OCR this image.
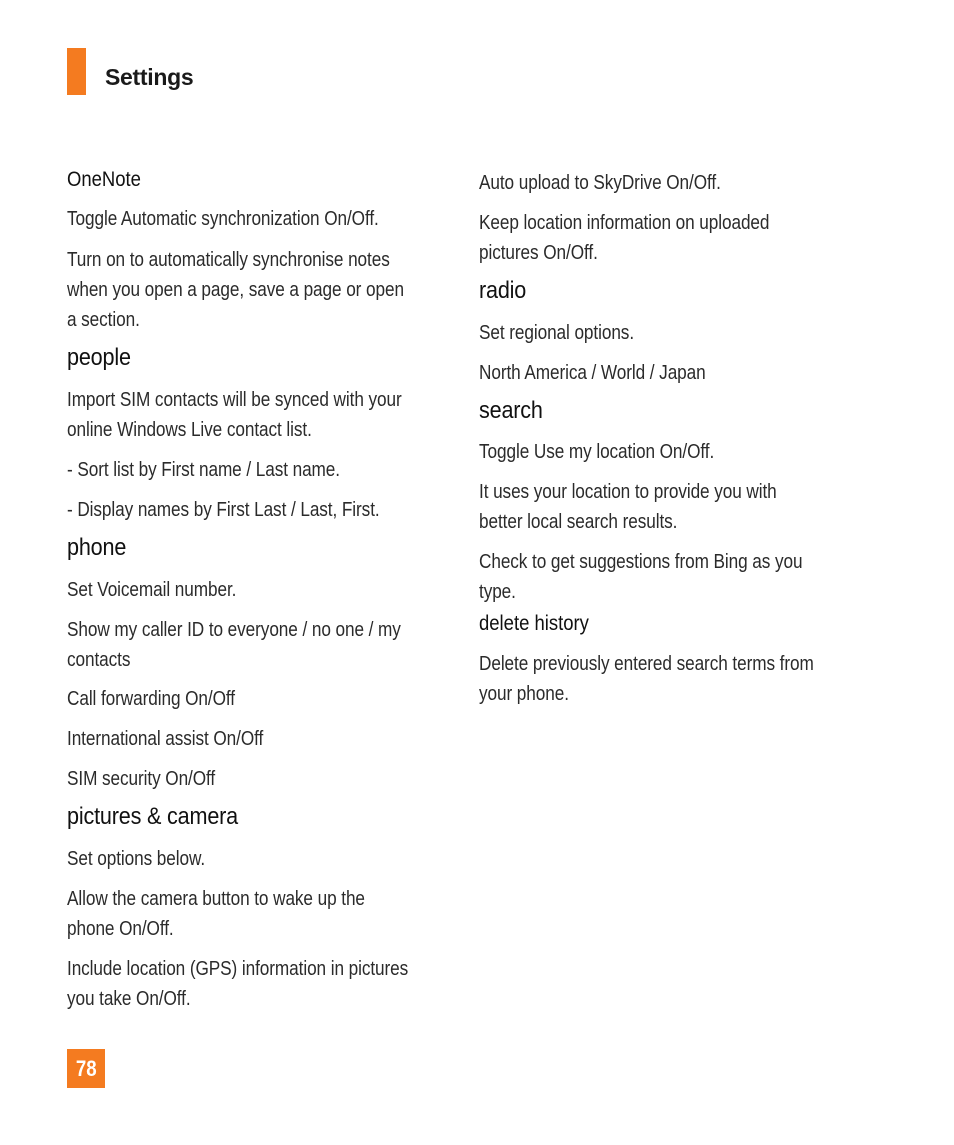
Settings
OneNote
Toggle Automatic synchronization On/Off.
Turn on to automatically synchronise notes
when you open a page, save a page or open
a section.
people
Import SIM contacts will be synced with your
online Windows Live contact list.
- Sort list by First name / Last name.
- Display names by First Last / Last, First.
phone
Set Voicemail number.
Show my caller ID to everyone / no one / my
contacts
Call forwarding On/Off
International assist On/Off
SIM security On/Off
pictures & camera
Set options below.
Allow the camera button to wake up the
phone On/Off.
Include location (GPS) information in pictures
you take On/Off.
Auto upload to SkyDrive On/Off.
Keep location information on uploaded
pictures On/Off.
radio
Set regional options.
North America / World / Japan
search
Toggle Use my location On/Off.
It uses your location to provide you with
better local search results.
Check to get suggestions from Bing as you
type.
delete history
Delete previously entered search terms from
your phone.
78
